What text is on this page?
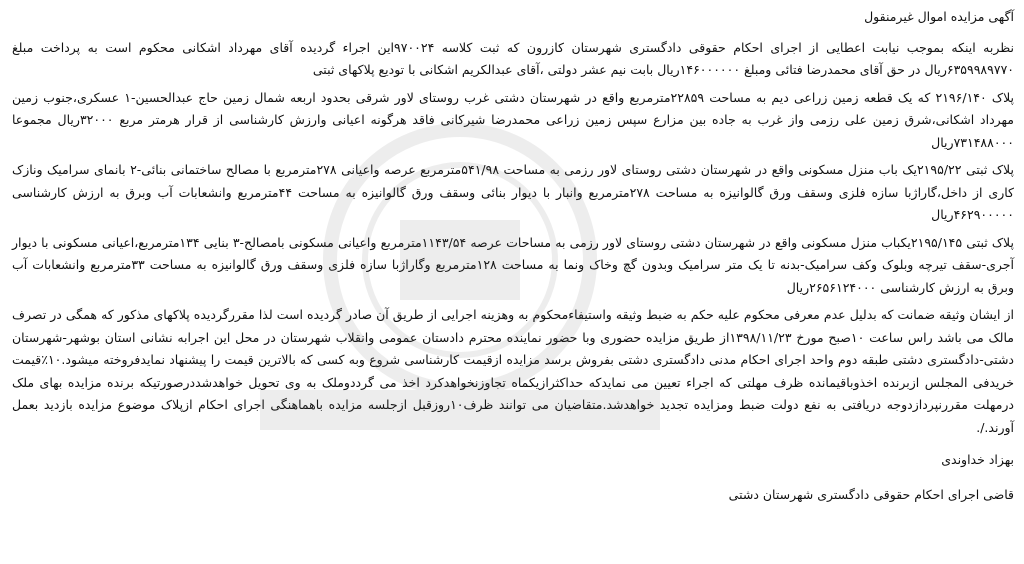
آگهی مزایده اموال غیرمنقول

نظربه اینکه بموجب نیابت اعطایی از اجرای احکام حقوقی دادگستری شهرستان کازرون که ثبت کلاسه ۹۷۰۰۲۴این اجراء گردیده آقای مهرداد اشکانی محکوم است به پرداخت مبلغ ۶۳۵۹۹۸۹۷۷۰ریال در حق آقای محمدرضا فتائی ومبلغ ۱۴۶۰۰۰۰۰۰ریال بابت نیم عشر دولتی ،آقای عبدالکریم اشکانی با تودیع پلاکهای ثبتی

پلاک ۲۱۹۶/۱۴۰ که یک قطعه زمین زراعی دیم به مساحت ۲۲۸۵۹مترمربع واقع در شهرستان دشتی غرب روستای لاور شرقی بحدود اربعه شمال زمین حاج عبدالحسین-۱ عسکری،جنوب زمین مهرداد اشکانی،شرق زمین علی رزمی واز غرب به جاده بین مزارع سپس زمین زراعی محمدرضا شیرکانی فاقد هرگونه اعیانی وارزش کارشناسی از قرار هرمتر مربع ۳۲۰۰۰ریال مجموعا ۷۳۱۴۸۸۰۰۰ریال

پلاک ثبتی ۲۱۹۵/۲۲یک باب منزل مسکونی واقع در شهرستان دشتی روستای لاور رزمی به مساحت ۵۴۱/۹۸مترمربع عرصه واعیانی ۲۷۸مترمربع با مصالح ساختمانی بنائی-۲ بانمای سرامیک ونازک کاری از داخل،گاراژبا سازه فلزی وسقف ورق گالوانیزه به مساحت ۲۷۸مترمربع وانبار با دیوار بنائی وسقف ورق گالوانیزه به مساحت ۴۴مترمربع وانشعابات آب وبرق به ارزش کارشناسی ۴۶۲۹۰۰۰۰۰ریال

پلاک ثبتی ۲۱۹۵/۱۴۵یکباب منزل مسکونی واقع در شهرستان دشتی روستای لاور رزمی به مساحات عرصه ۱۱۴۳/۵۴مترمربع واعیانی مسکونی بامصالح-۳ بنایی ۱۳۴مترمربع،اعیانی مسکونی با دیوار آجری-سقف تیرچه وبلوک وکف سرامیک-بدنه تا یک متر سرامیک وبدون گچ وخاک ونما به مساحت ۱۲۸مترمربع وگاراژبا سازه فلزی وسقف ورق گالوانیزه به مساحت ۳۳مترمربع وانشعابات آب وبرق به ارزش کارشناسی ۲۶۵۶۱۲۴۰۰۰ریال

از ایشان وثیقه ضمانت که بدلیل عدم معرفی محکوم علیه حکم به ضبط وثیقه واستیفاءمحکوم به وهزینه اجرایی از طریق آن صادر گردیده است لذا مقررگردیده پلاکهای مذکور که همگی در تصرف مالک می باشد راس ساعت ۱۰صبح مورخ ۱۳۹۸/۱۱/۲۳از طریق مزایده حضوری وبا حضور نماینده محترم دادستان عمومی وانقلاب شهرستان در محل این اجرابه نشانی استان بوشهر-شهرستان دشتی-دادگستری دشتی طبقه دوم واحد اجرای احکام مدنی دادگستری دشتی بفروش برسد مزایده ازقیمت کارشناسی شروع وبه کسی که بالاترین قیمت را پیشنهاد نمایدفروخته میشود.۱۰٪قیمت خریدفی المجلس ازبرنده اخذوباقیمانده ظرف مهلتی که اجراء تعیین می نمایدکه حداکثرازیکماه تجاوزنخواهدکرد اخذ می گرددوملک به وی تحویل خواهدشددرصورتیکه برنده مزایده بهای ملک درمهلت مقررنپردازدوجه دریافتی به نفع دولت ضبط ومزایده تجدید خواهدشد.متقاضیان می توانند ظرف۱۰روزقبل ازجلسه مزایده باهماهنگی اجرای احکام ازپلاک موضوع مزایده بازدید بعمل آورند./.

بهزاد خداوندی

قاضی اجرای احکام حقوقی دادگستری شهرستان دشتی
